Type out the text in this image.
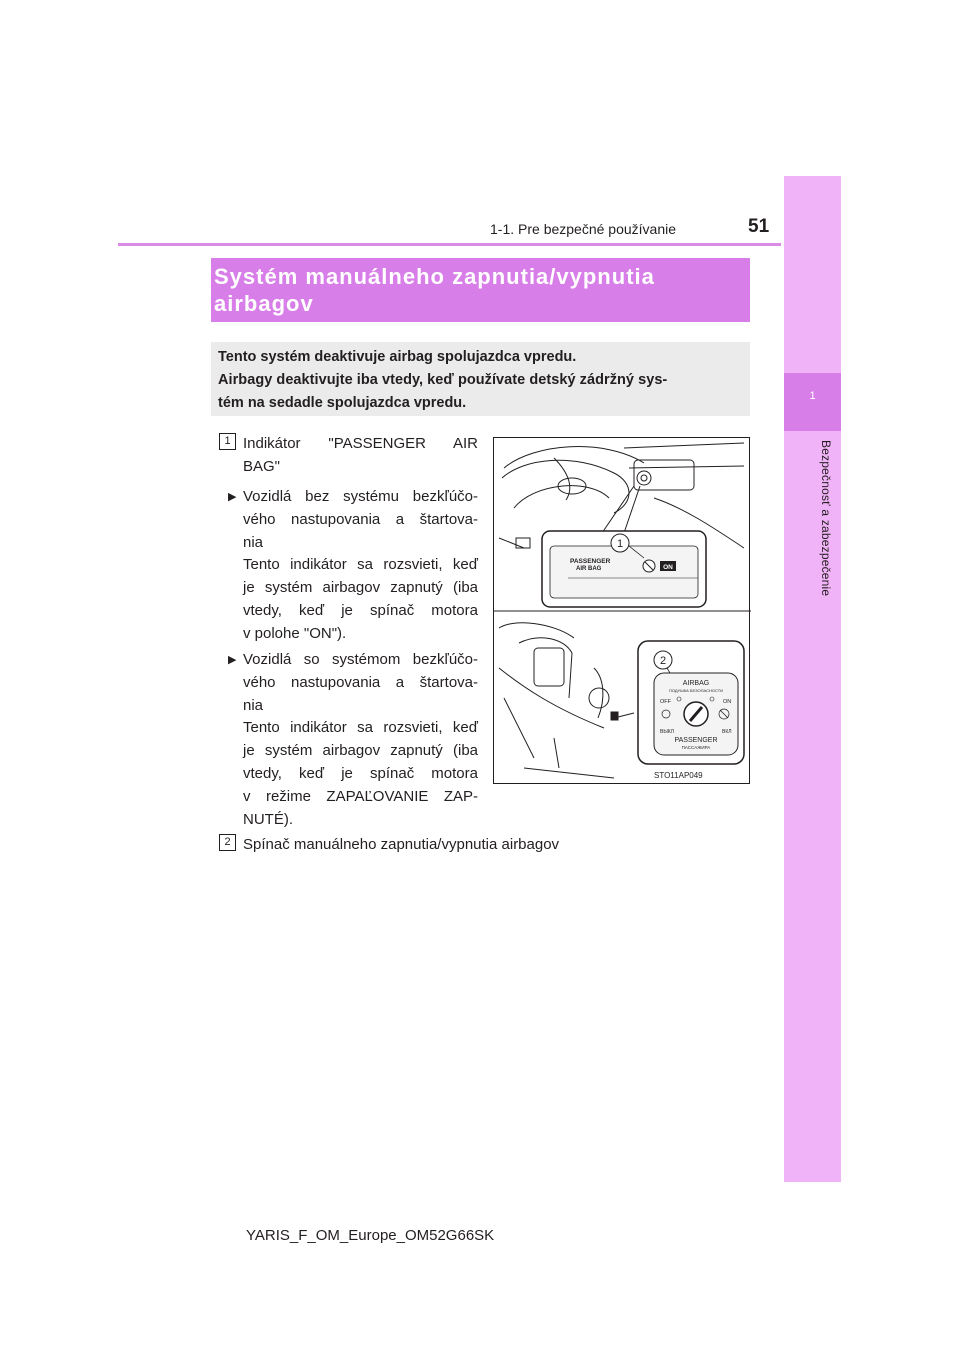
1
Bezpečnosť a zabezpečenie
1-1. Pre bezpečné používanie	51
Systém manuálneho zapnutia/vypnutia
airbagov
Tento systém deaktivuje airbag spolujazdca vpredu.
Airbagy deaktivujte iba vtedy, keď používate detský zádržný sys-
tém na sedadle spolujazdca vpredu.
1 Indikátor "PASSENGER AIR
BAG"
▶ Vozidlá bez systému bezkľúčo-
vého nastupovania a štartova-
nia
Tento indikátor sa rozsvieti, keď
je systém airbagov zapnutý (iba
vtedy, keď je spínač motora
v polohe "ON").
▶ Vozidlá so systémom bezkľúčo-
vého nastupovania a štartova-
nia
Tento indikátor sa rozsvieti, keď
je systém airbagov zapnutý (iba
vtedy, keď je spínač motora
v režime ZAPAĽOVANIE ZAP-
NUTÉ).
2 Spínač manuálneho zapnutia/vypnutia airbagov
1
PASSENGER
AIR BAG	ON
2
AIRBAG
ПОДУШКА БЕЗОПАСНОСТИ
OFF	ON
ВЫКЛ	ВКЛ
PASSENGER
ПАССАЖИРА
STO11AP049
YARIS_F_OM_Europe_OM52G66SK
